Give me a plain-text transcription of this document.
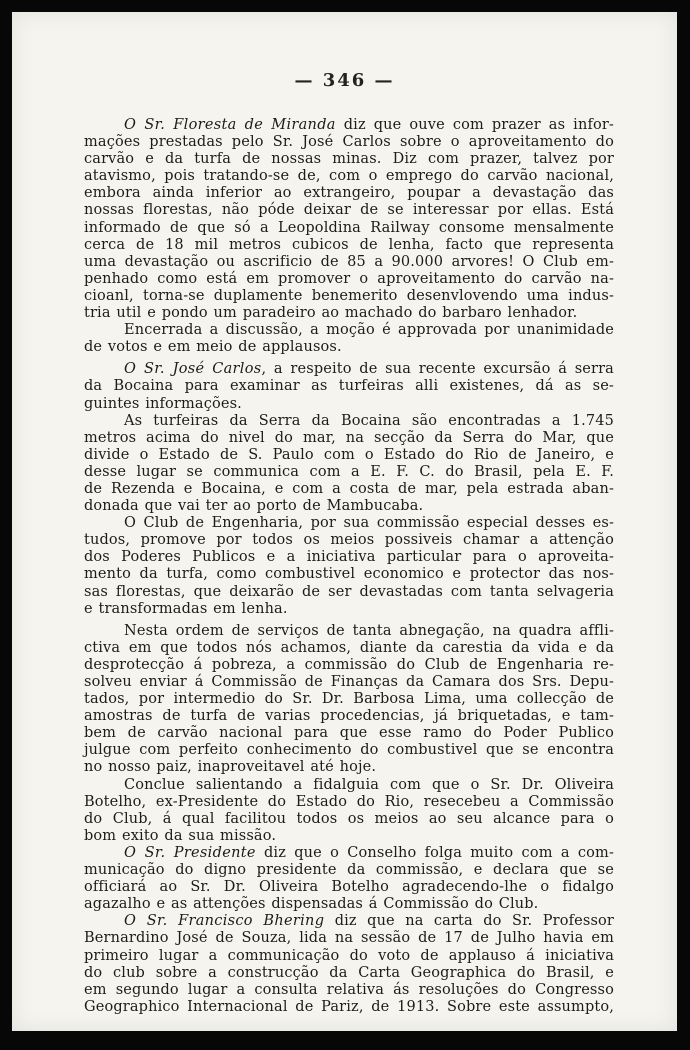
— 346 —
O Sr. Floresta de Miranda diz que ouve com prazer as infor-
mações prestadas pelo Sr. José Carlos sobre o aproveitamento do
carvão e da turfa de nossas minas. Diz com prazer, talvez por
atavismo, pois tratando-se de, com o emprego do carvão nacional,
embora ainda inferior ao extrangeiro, poupar a devastação das
nossas florestas, não póde deixar de se interessar por ellas. Está
informado de que só a Leopoldina Railway consome mensalmente
cerca de 18 mil metros cubicos de lenha, facto que representa
uma devastação ou ascrificio de 85 a 90.000 arvores! O Club em-
penhado como está em promover o aproveitamento do carvão na-
cioanl, torna-se duplamente benemerito desenvlovendo uma indus-
tria util e pondo um paradeiro ao machado do barbaro lenhador.
Encerrada a discussão, a moção é approvada por unanimidade
de votos e em meio de applausos.
O Sr. José Carlos, a respeito de sua recente excursão á serra
da Bocaina para examinar as turfeiras alli existenes, dá as se-
guintes informações.
As turfeiras da Serra da Bocaina são encontradas a 1.745
metros acima do nivel do mar, na secção da Serra do Mar, que
divide o Estado de S. Paulo com o Estado do Rio de Janeiro, e
desse lugar se communica com a E. F. C. do Brasil, pela E. F.
de Rezenda e Bocaina, e com a costa de mar, pela estrada aban-
donada que vai ter ao porto de Mambucaba.
O Club de Engenharia, por sua commissão especial desses es-
tudos, promove por todos os meios possiveis chamar a attenção
dos Poderes Publicos e a iniciativa particular para o aproveita-
mento da turfa, como combustivel economico e protector das nos-
sas florestas, que deixarão de ser devastadas com tanta selvageria
e transformadas em lenha.
Nesta ordem de serviços de tanta abnegação, na quadra affli-
ctiva em que todos nós achamos, diante da carestia da vida e da
desprotecção á pobreza, a commissão do Club de Engenharia re-
solveu enviar á Commissão de Finanças da Camara dos Srs. Depu-
tados, por intermedio do Sr. Dr. Barbosa Lima, uma collecção de
amostras de turfa de varias procedencias, já briquetadas, e tam-
bem de carvão nacional para que esse ramo do Poder Publico
julgue com perfeito conhecimento do combustivel que se encontra
no nosso paiz, inaproveitavel até hoje.
Conclue salientando a fidalguia com que o Sr. Dr. Oliveira
Botelho, ex-Presidente do Estado do Rio, resecebeu a Commissão
do Club, á qual facilitou todos os meios ao seu alcance para o
bom exito da sua missão.
O Sr. Presidente diz que o Conselho folga muito com a com-
municação do digno presidente da commissão, e declara que se
officiará ao Sr. Dr. Oliveira Botelho agradecendo-lhe o fidalgo
agazalho e as attenções dispensadas á Commissão do Club.
O Sr. Francisco Bhering diz que na carta do Sr. Professor
Bernardino José de Souza, lida na sessão de 17 de Julho havia em
primeiro lugar a communicação do voto de applauso á iniciativa
do club sobre a construcção da Carta Geographica do Brasil, e
em segundo lugar a consulta relativa ás resoluções do Congresso
Geographico Internacional de Pariz, de 1913. Sobre este assumpto,
